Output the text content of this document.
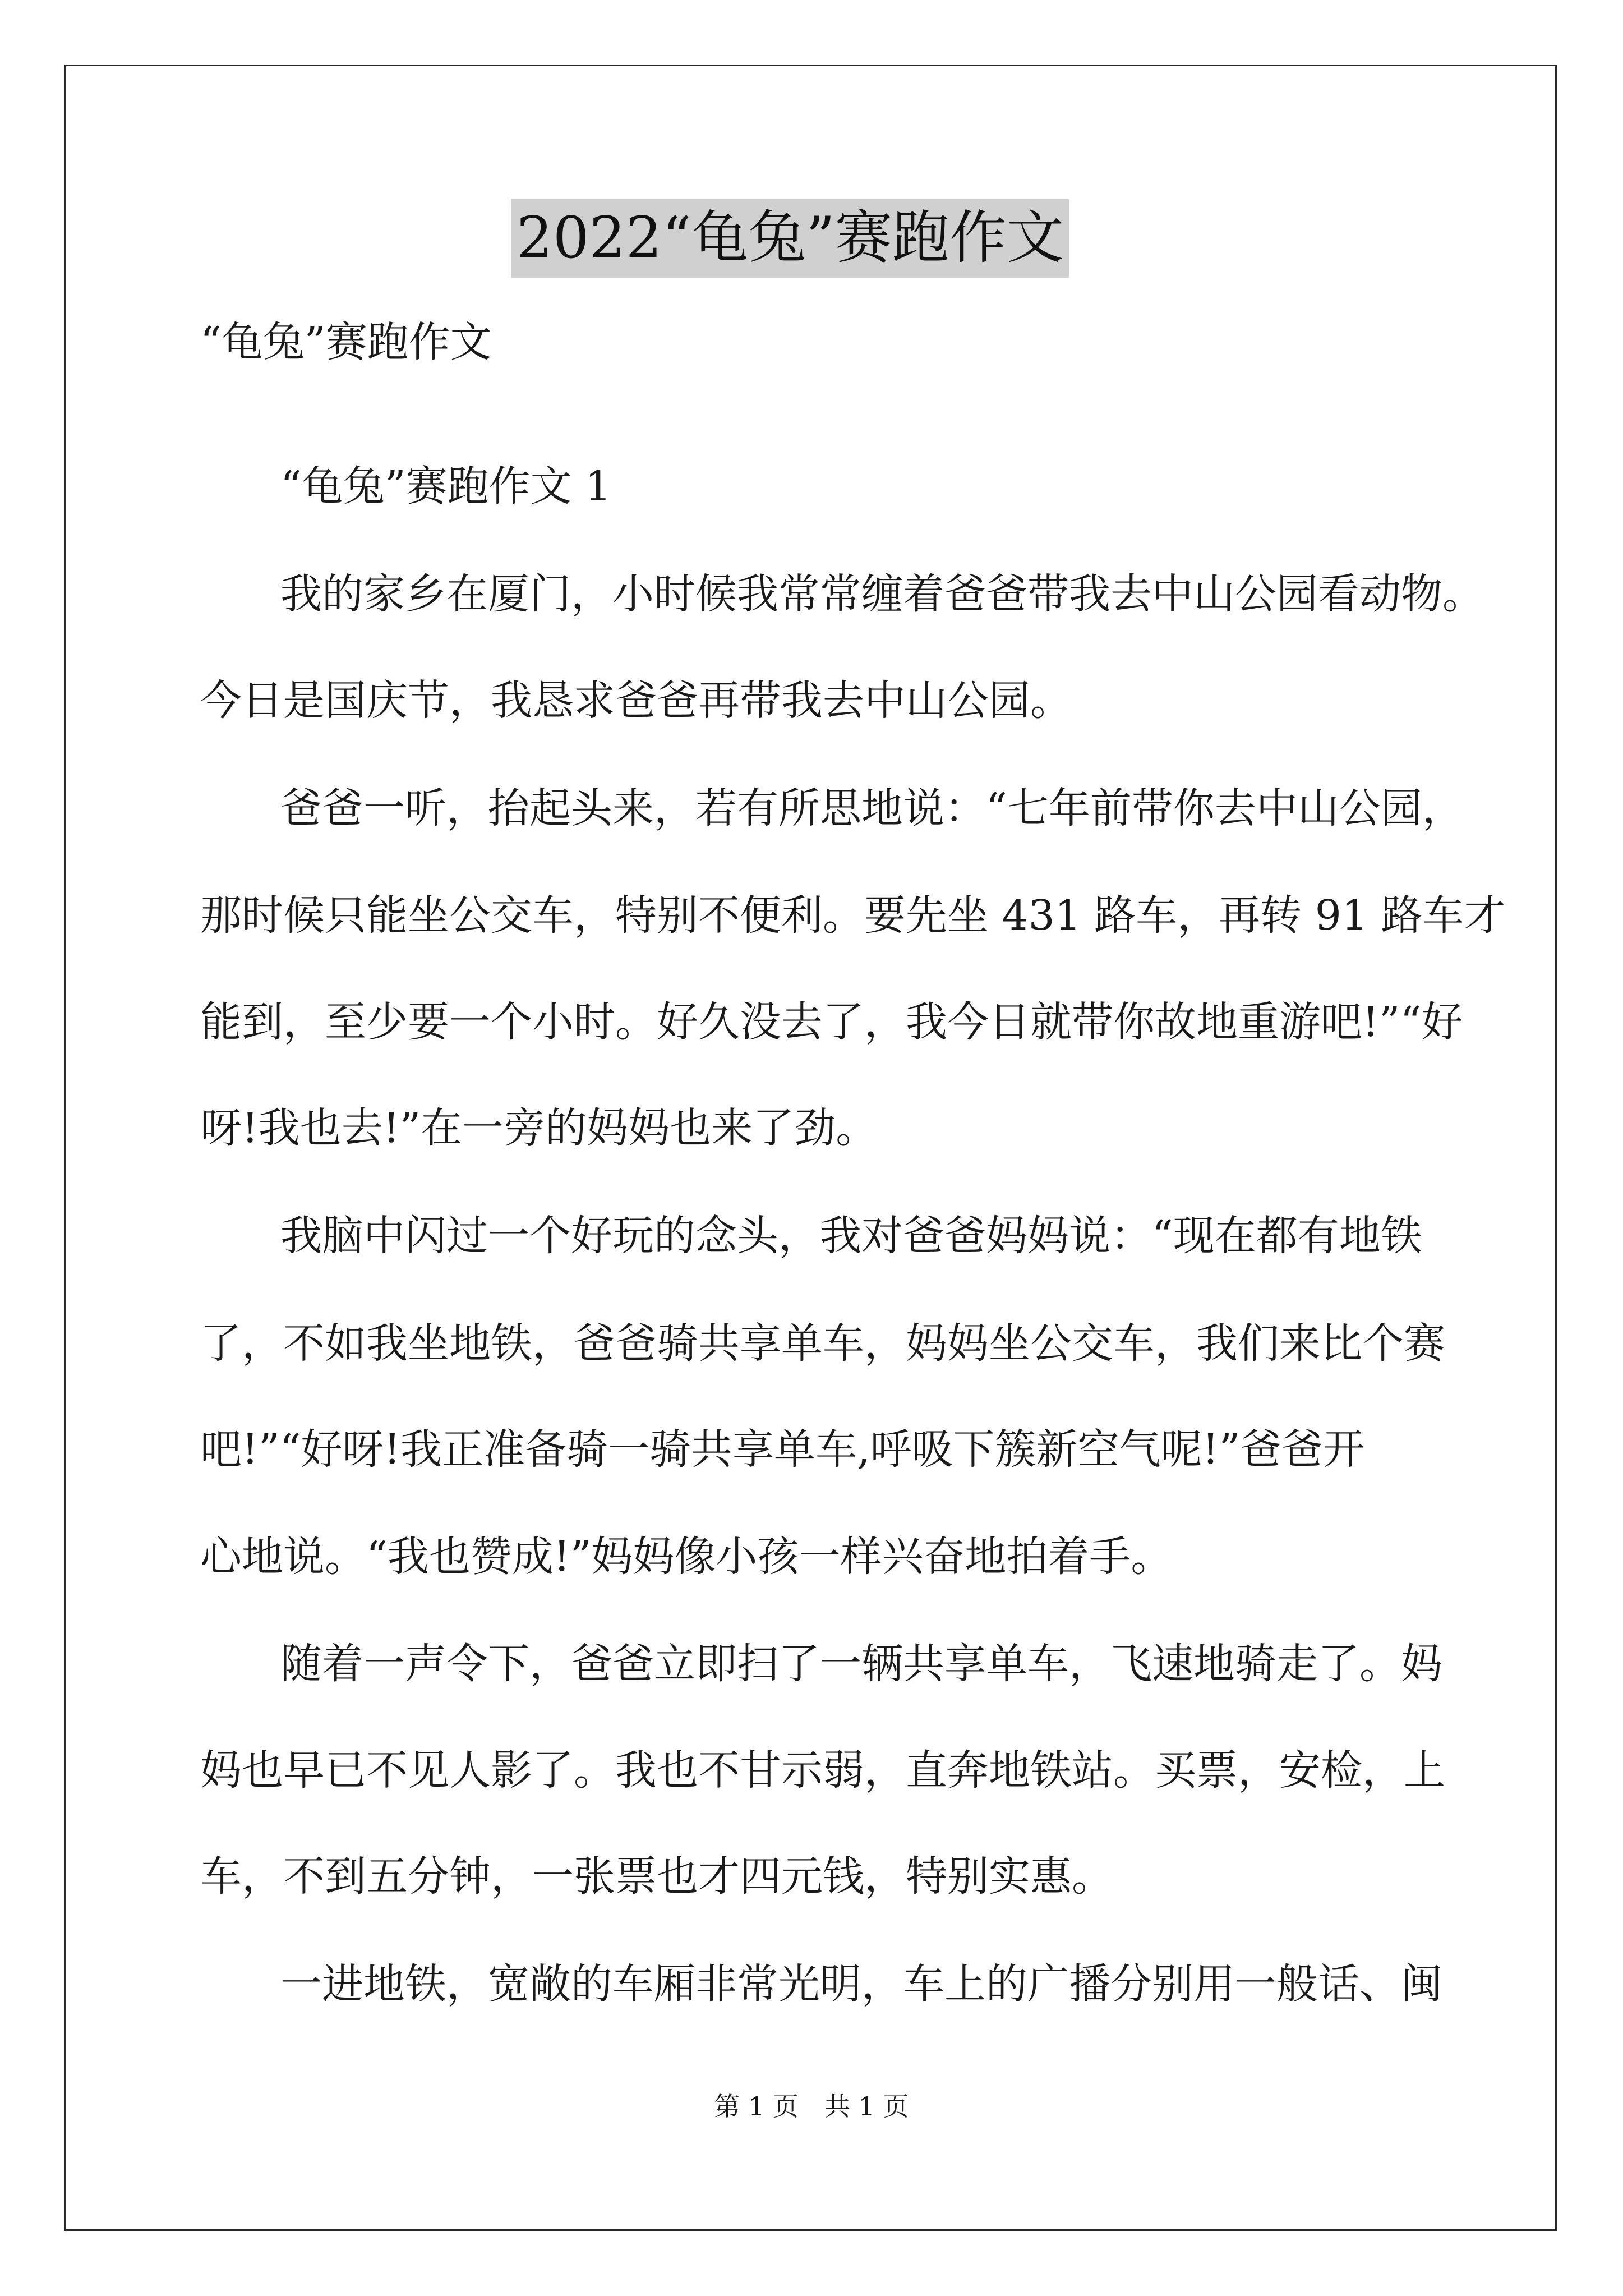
2022“龟兔”赛跑作文

“龟兔”赛跑作文

“龟兔”赛跑作文 1

我的家乡在厦门，小时候我常常缠着爸爸带我去中山公园看动物。

今日是国庆节，我恳求爸爸再带我去中山公园。

爸爸一听，抬起头来，若有所思地说：“七年前带你去中山公园，

那时候只能坐公交车，特别不便利。要先坐 431 路车，再转 91 路车才

能到，至少要一个小时。好久没去了，我今日就带你故地重游吧!”“好

呀!我也去!”在一旁的妈妈也来了劲。

我脑中闪过一个好玩的念头，我对爸爸妈妈说：“现在都有地铁

了，不如我坐地铁，爸爸骑共享单车，妈妈坐公交车，我们来比个赛

吧!”“好呀!我正准备骑一骑共享单车,呼吸下簇新空气呢!”爸爸开

心地说。“我也赞成!”妈妈像小孩一样兴奋地拍着手。

随着一声令下，爸爸立即扫了一辆共享单车，飞速地骑走了。妈

妈也早已不见人影了。我也不甘示弱，直奔地铁站。买票，安检，上

车，不到五分钟，一张票也才四元钱，特别实惠。

一进地铁，宽敞的车厢非常光明，车上的广播分别用一般话、闽

第 1 页　共 1 页
